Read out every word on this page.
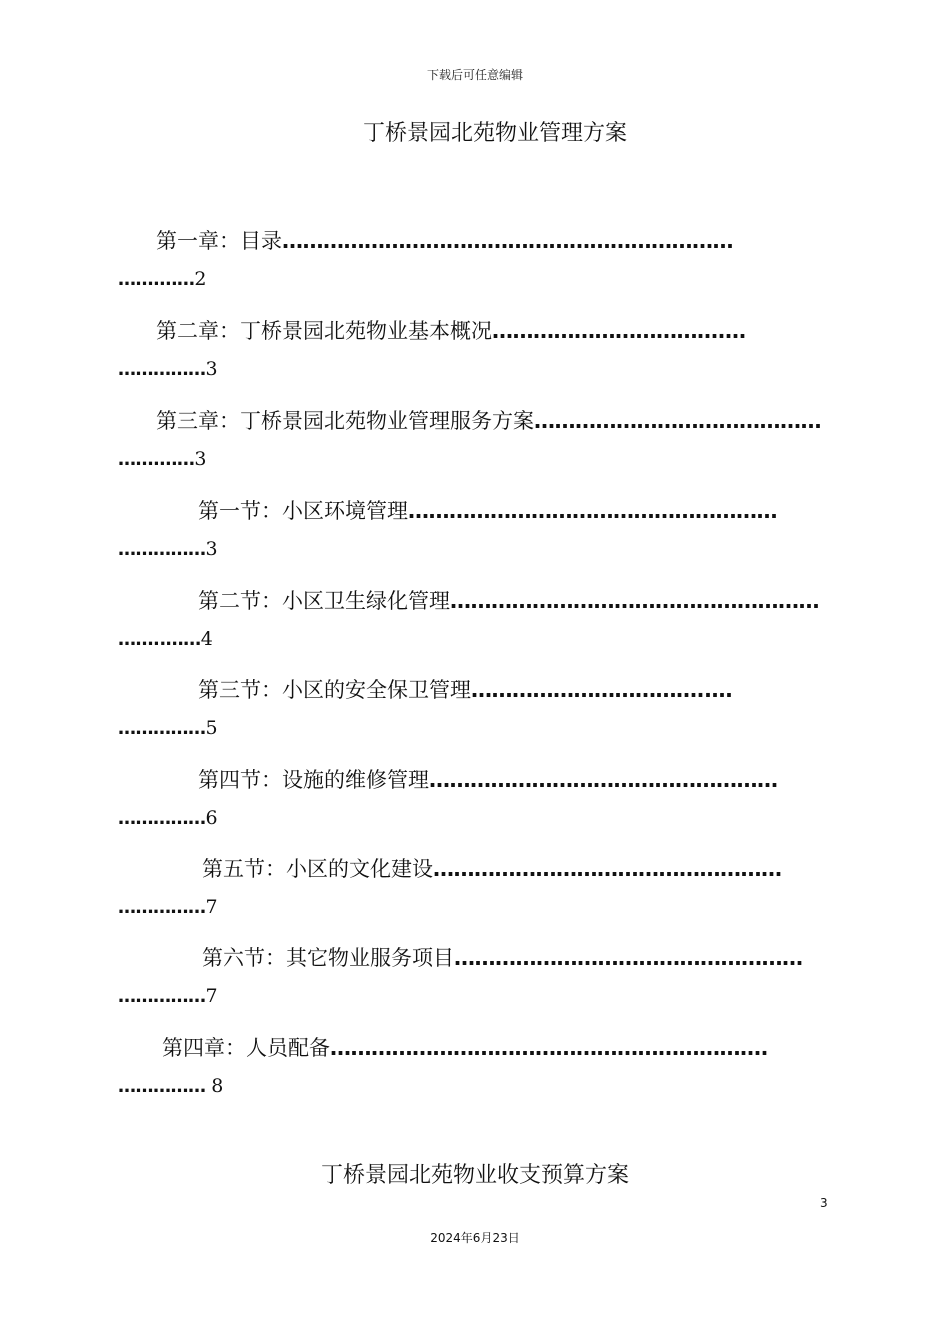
下载后可任意编辑
丁桥景园北苑物业管理方案
第一章：目录…………………………………………………………
…….……2
第二章：丁桥景园北苑物业基本概况…………………………….…
……………3
第三章：丁桥景园北苑物业管理服务方案……………………………………
…….……3
第一节：小区环境管理………………………………………………
……………3
第二节：小区卫生绿化管理………………………………………………
……..……4
第三节：小区的安全保卫管理……………………………..…
……………5
第四节：设施的维修管理……………………………………………
……………6
第五节：小区的文化建设……………………………………………
……………7
第六节：其它物业服务项目……………………………………………
……………7
第四章：人员配备……………………………………………………….
…………… 8
丁桥景园北苑物业收支预算方案
3
2024年6月23日
